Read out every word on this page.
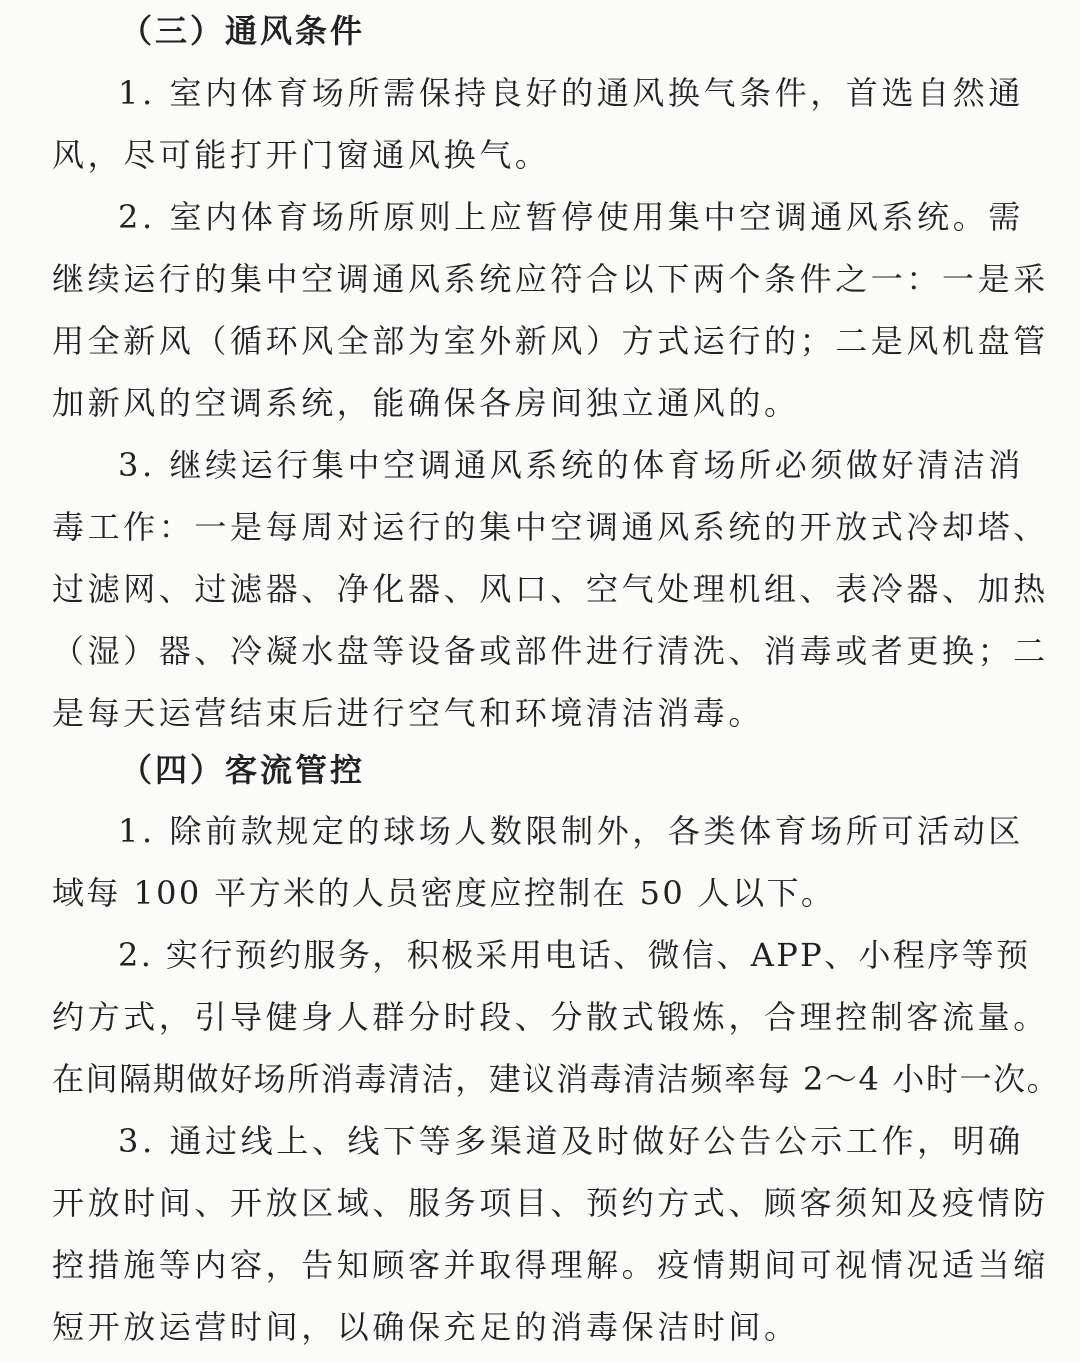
（三）通风条件
1. 室内体育场所需保持良好的通风换气条件，首选自然通
风，尽可能打开门窗通风换气。
2. 室内体育场所原则上应暂停使用集中空调通风系统。需
继续运行的集中空调通风系统应符合以下两个条件之一：一是采
用全新风（循环风全部为室外新风）方式运行的；二是风机盘管
加新风的空调系统，能确保各房间独立通风的。
3. 继续运行集中空调通风系统的体育场所必须做好清洁消
毒工作：一是每周对运行的集中空调通风系统的开放式冷却塔、
过滤网、过滤器、净化器、风口、空气处理机组、表冷器、加热
（湿）器、冷凝水盘等设备或部件进行清洗、消毒或者更换；二
是每天运营结束后进行空气和环境清洁消毒。
（四）客流管控
1. 除前款规定的球场人数限制外，各类体育场所可活动区
域每 100 平方米的人员密度应控制在 50 人以下。
2. 实行预约服务，积极采用电话、微信、APP、小程序等预
约方式，引导健身人群分时段、分散式锻炼，合理控制客流量。
在间隔期做好场所消毒清洁，建议消毒清洁频率每 2～4 小时一次。
3. 通过线上、线下等多渠道及时做好公告公示工作，明确
开放时间、开放区域、服务项目、预约方式、顾客须知及疫情防
控措施等内容，告知顾客并取得理解。疫情期间可视情况适当缩
短开放运营时间，以确保充足的消毒保洁时间。
